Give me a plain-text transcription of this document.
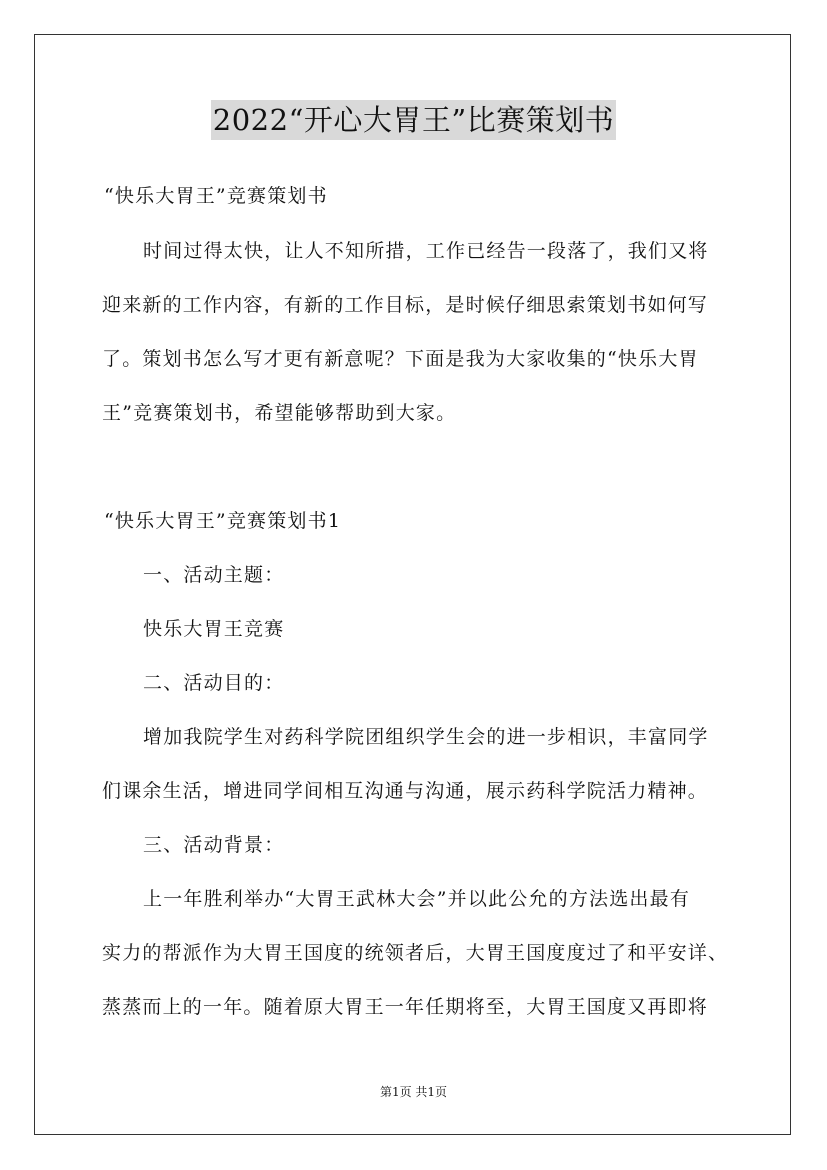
2022“开心大胃王”比赛策划书
“快乐大胃王”竞赛策划书
时间过得太快，让人不知所措，工作已经告一段落了，我们又将
迎来新的工作内容，有新的工作目标，是时候仔细思索策划书如何写
了。策划书怎么写才更有新意呢？下面是我为大家收集的“快乐大胃
王”竞赛策划书，希望能够帮助到大家。
“快乐大胃王”竞赛策划书1
一、活动主题：
快乐大胃王竞赛
二、活动目的：
增加我院学生对药科学院团组织学生会的进一步相识，丰富同学
们课余生活，增进同学间相互沟通与沟通，展示药科学院活力精神。
三、活动背景：
上一年胜利举办“大胃王武林大会”并以此公允的方法选出最有
实力的帮派作为大胃王国度的统领者后，大胃王国度度过了和平安详、
蒸蒸而上的一年。随着原大胃王一年任期将至，大胃王国度又再即将
第1页 共1页
